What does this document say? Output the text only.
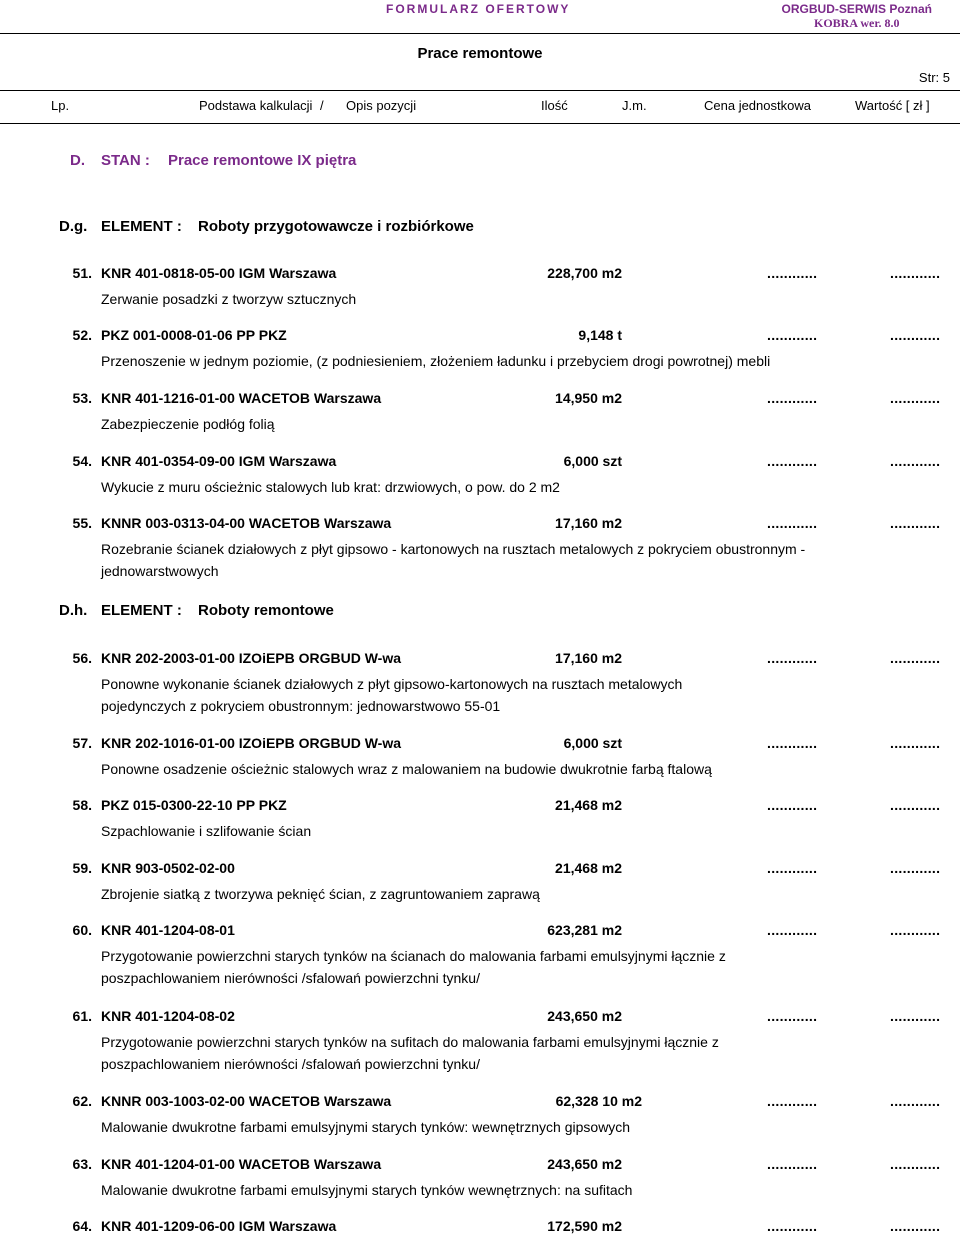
FORMULARZ OFERTOWY	ORGBUD-SERWIS Poznań
KOBRA wer. 8.0
Prace remontowe
Str: 5
Lp.	Podstawa kalkulacji / Opis pozycji	Ilość	J.m.	Cena jednostkowa	Wartość [ zł ]
D. STAN : Prace remontowe IX piętra
D.g. ELEMENT : Roboty przygotowawcze i rozbiórkowe
D.h. ELEMENT : Roboty remontowe
51. KNR 401-0818-05-00 IGM Warszawa	228,700 m2	............	............
Zerwanie posadzki z tworzyw sztucznych
52. PKZ 001-0008-01-06 PP PKZ	9,148 t	............	............
Przenoszenie w jednym poziomie, (z podniesieniem, złożeniem ładunku i przebyciem drogi powrotnej) mebli
53. KNR 401-1216-01-00 WACETOB Warszawa	14,950 m2	............	............
Zabezpieczenie podłóg folią
54. KNR 401-0354-09-00 IGM Warszawa	6,000 szt	............	............
Wykucie z muru ościeżnic stalowych lub krat: drzwiowych, o pow. do 2 m2
55. KNNR 003-0313-04-00 WACETOB Warszawa	17,160 m2	............	............
Rozebranie ścianek działowych z płyt gipsowo - kartonowych na rusztach metalowych z pokryciem obustronnym - jednowarstwowych
56. KNR 202-2003-01-00 IZOiEPB ORGBUD W-wa	17,160 m2	............	............
Ponowne wykonanie ścianek działowych z płyt gipsowo-kartonowych na rusztach metalowych pojedynczych z pokryciem obustronnym: jednowarstwowo 55-01
57. KNR 202-1016-01-00 IZOiEPB ORGBUD W-wa	6,000 szt	............	............
Ponowne osadzenie ościeżnic stalowych wraz z malowaniem na budowie dwukrotnie farbą ftalową
58. PKZ 015-0300-22-10 PP PKZ	21,468 m2	............	............
Szpachlowanie i szlifowanie ścian
59. KNR 903-0502-02-00	21,468 m2	............	............
Zbrojenie siatką z tworzywa peknięć ścian, z zagruntowaniem zaprawą
60. KNR 401-1204-08-01	623,281 m2	............	............
Przygotowanie powierzchni starych tynków na ścianach do malowania farbami emulsyjnymi łącznie z poszpachlowaniem nierówności /sfalowań powierzchni tynku/
61. KNR 401-1204-08-02	243,650 m2	............	............
Przygotowanie powierzchni starych tynków na sufitach do malowania farbami emulsyjnymi łącznie z poszpachlowaniem nierówności /sfalowań powierzchni tynku/
62. KNNR 003-1003-02-00 WACETOB Warszawa	62,328 10 m2	............	............
Malowanie dwukrotne farbami emulsyjnymi starych tynków: wewnętrznych gipsowych
63. KNR 401-1204-01-00 WACETOB Warszawa	243,650 m2	............	............
Malowanie dwukrotne farbami emulsyjnymi starych tynków wewnętrznych: na sufitach
64. KNR 401-1209-06-00 IGM Warszawa	172,590 m2	............	............
